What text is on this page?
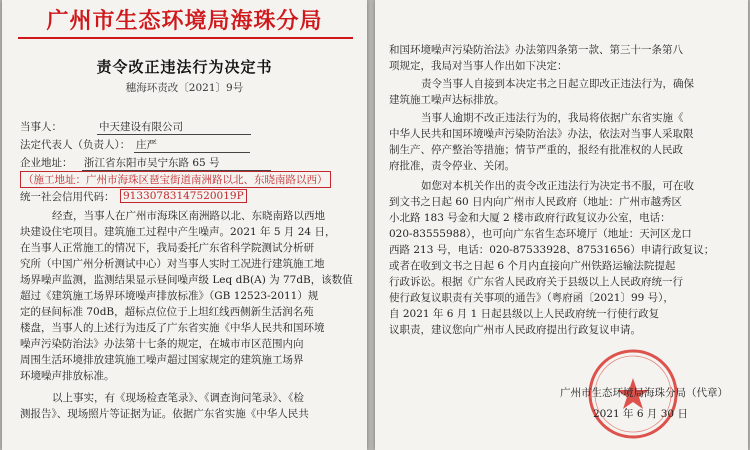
广州市生态环境局海珠分局
责令改正违法行为决定书
穗海环责改〔2021〕9号
当事人：	中天建设有限公司
法定代表人（负责人）： 庄严
企业地址： 浙江省东阳市吴宁东路 65 号
（施工地址：广州市海珠区琶宝街道南洲路以北、东晓南路以西）
统一社会信用代码： 91330783147520019P
经查，当事人在广州市海珠区南洲路以北、东晓南路以西地
块建设住宅项目。建筑施工过程中产生噪声。2021 年 5 月 24 日，
在当事人正常施工的情况下，我局委托广东省科学院测试分析研
究所（中国广州分析测试中心）对当事人实时工况进行建筑施工地
场界噪声监测，监测结果显示昼间噪声级 Leq dB(A) 为 77dB，该数值
超过《建筑施工场界环境噪声排放标准》（GB 12523-2011）规
定的昼间标准 70dB，超标点位位于上坦红线西侧新生活润名苑
楼盘，当事人的上述行为违反了广东省实施《中华人民共和国环境
噪声污染防治法》办法第十七条的规定，在城市市区范围内向
周围生活环境排放建筑施工噪声超过国家规定的建筑施工场界
环境噪声排放标准。
以上事实，有《现场检查笔录》、《调查询问笔录》、《检
测报告》、现场照片等证据为证。依据广东省实施《中华人民共
和国环境噪声污染防治法》办法第四条第一款、第三十一条第八
项规定，我局对当事人作出如下决定：
责令当事人自接到本决定书之日起立即改正违法行为，确保
建筑施工噪声达标排放。
当事人逾期不改正违法行为的，我局将依据广东省实施《
中华人民共和国环境噪声污染防治法》办法，依法对当事人采取限
制生产、停产整治等措施；情节严重的，报经有批准权的人民政
府批准，责令停业、关闭。
如您对本机关作出的责令改正违法行为决定书不服，可在收
到文书之日起 60 日内向广州市人民政府（地址：广州市越秀区
小北路 183 号金和大厦 2 楼市政府行政复议办公室，电话：
020-83555988），也可向广东省生态环境厅（地址：天河区龙口
西路 213 号，电话：020-87533928、87531656）申请行政复议；
或者在收到文书之日起 6 个月内直接向广州铁路运输法院提起
行政诉讼。根据《广东省人民政府关于县级以上人民政府统一行
使行政复议职责有关事项的通告》（粤府函〔2021〕99 号），
自 2021 年 6 月 1 日起县级以上人民政府统一行使行政复
议职责，建议您向广州市人民政府提出行政复议申请。
广州市生态环境局海珠分局（代章）
2021 年 6 月 30 日
